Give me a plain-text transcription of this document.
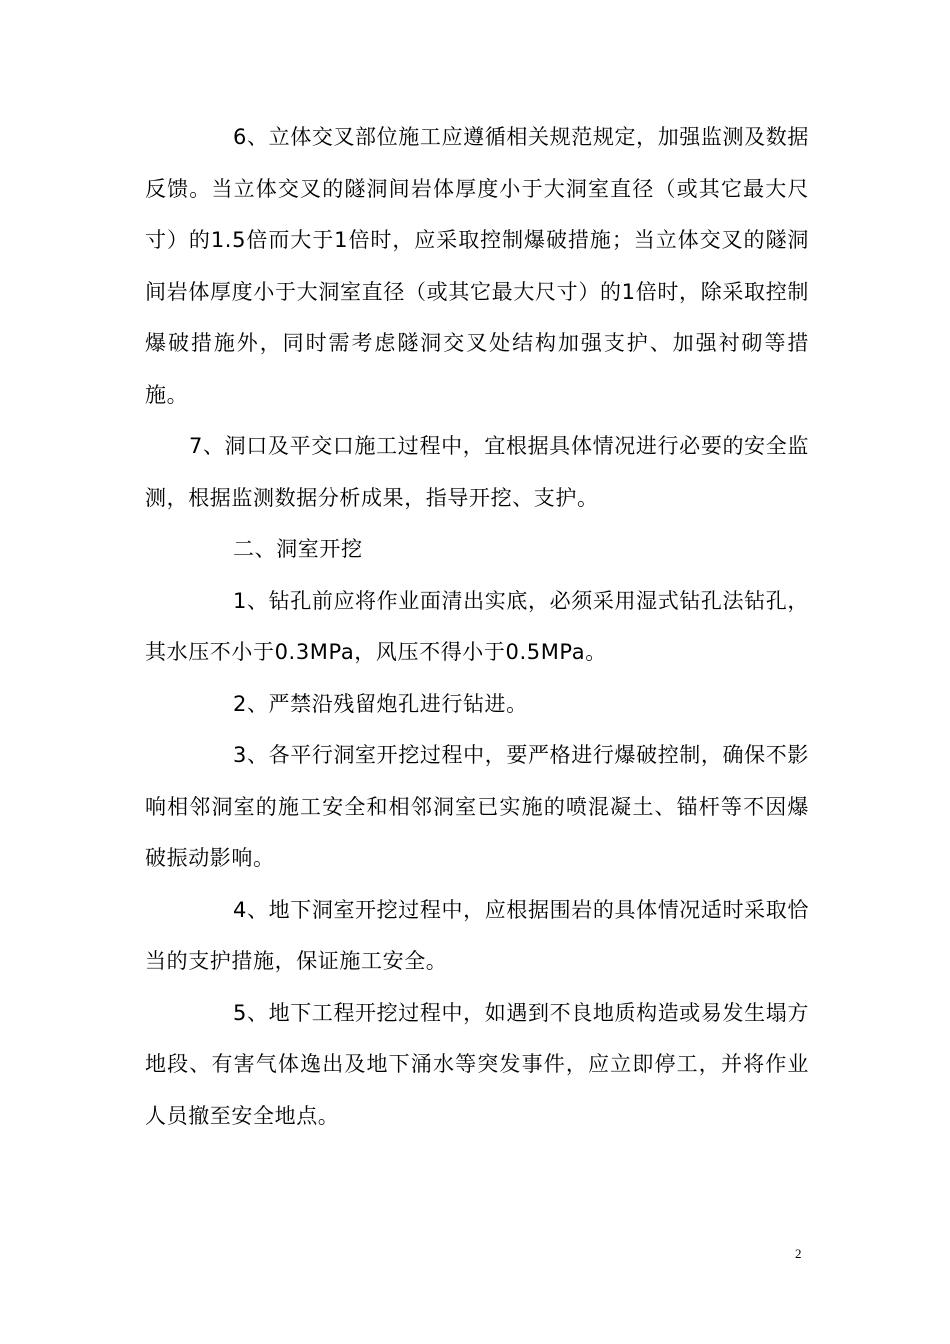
6、立体交叉部位施工应遵循相关规范规定，加强监测及数据反馈。当立体交叉的隧洞间岩体厚度小于大洞室直径（或其它最大尺寸）的1.5倍而大于1倍时，应采取控制爆破措施；当立体交叉的隧洞间岩体厚度小于大洞室直径（或其它最大尺寸）的1倍时，除采取控制爆破措施外，同时需考虑隧洞交叉处结构加强支护、加强衬砌等措施。

7、洞口及平交口施工过程中，宜根据具体情况进行必要的安全监测，根据监测数据分析成果，指导开挖、支护。

二、洞室开挖

1、钻孔前应将作业面清出实底，必须采用湿式钻孔法钻孔，其水压不小于0.3MPa，风压不得小于0.5MPa。

2、严禁沿残留炮孔进行钻进。

3、各平行洞室开挖过程中，要严格进行爆破控制，确保不影响相邻洞室的施工安全和相邻洞室已实施的喷混凝土、锚杆等不因爆破振动影响。

4、地下洞室开挖过程中，应根据围岩的具体情况适时采取恰当的支护措施，保证施工安全。

5、地下工程开挖过程中，如遇到不良地质构造或易发生塌方地段、有害气体逸出及地下涌水等突发事件，应立即停工，并将作业人员撤至安全地点。

2
